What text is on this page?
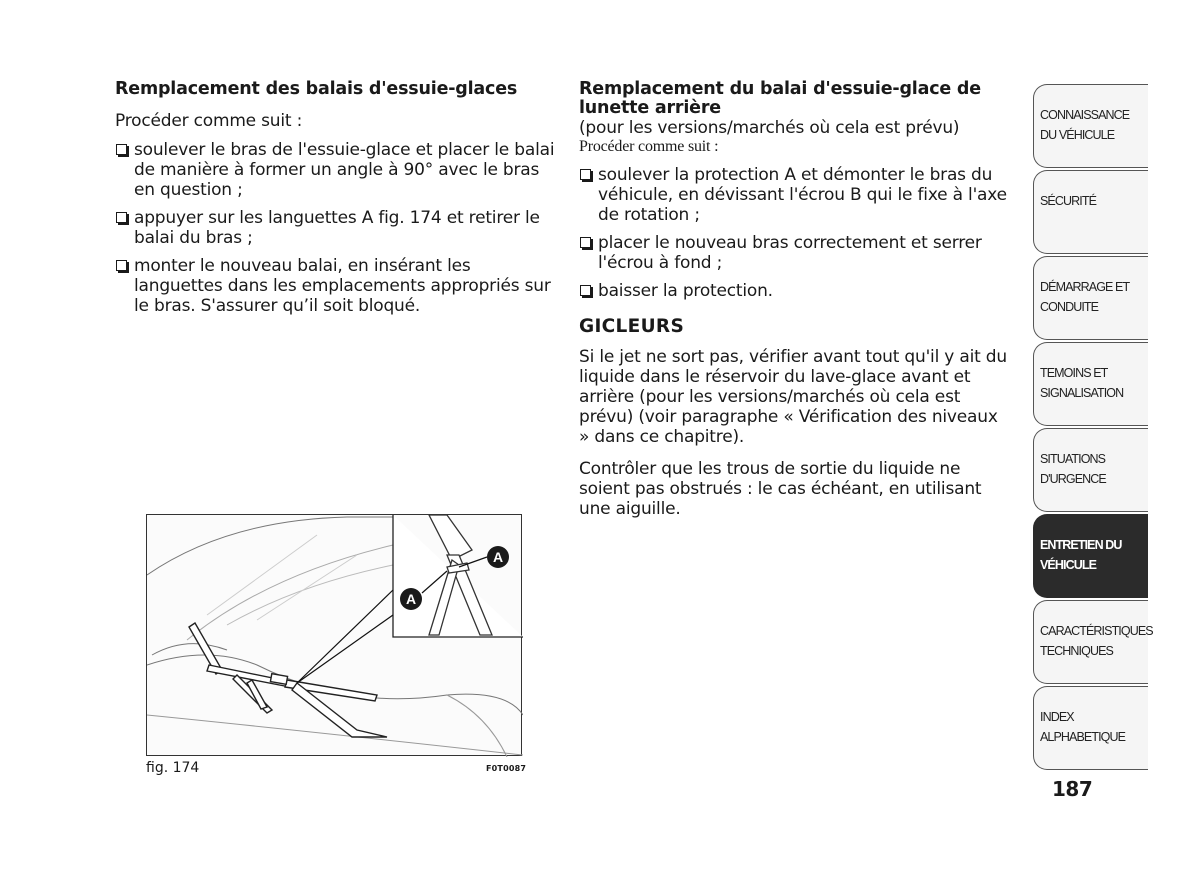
Remplacement des balais d'essuie-glaces

Procéder comme suit :

soulever le bras de l'essuie-glace et placer le balai de manière à former un angle à 90° avec le bras en question ;
appuyer sur les languettes A fig. 174 et retirer le balai du bras ;
monter le nouveau balai, en insérant les languettes dans les emplacements appropriés sur le bras. S'assurer qu’il soit bloqué.

Remplacement du balai d'essuie-glace de lunette arrière

(pour les versions/marchés où cela est prévu)

Procéder comme suit :

soulever la protection A et démonter le bras du véhicule, en dévissant l'écrou B qui le fixe à l'axe de rotation ;
placer le nouveau bras correctement et serrer l'écrou à fond ;
baisser la protection.

GICLEURS

Si le jet ne sort pas, vérifier avant tout qu'il y ait du liquide dans le réservoir du lave-glace avant et arrière (pour les versions/marchés où cela est prévu) (voir paragraphe « Vérification des niveaux » dans ce chapitre).

Contrôler que les trous de sortie du liquide ne soient pas obstrués : le cas échéant, en utilisant une aiguille.

A
A
fig. 174	F0T0087
CONNAISSANCE DU VÉHICULE
SÉCURITÉ
DÉMARRAGE ET CONDUITE
TEMOINS ET SIGNALISATION
SITUATIONS D'URGENCE
ENTRETIEN DU VÉHICULE
CARACTÉRISTIQUES TECHNIQUES
INDEX ALPHABETIQUE
187
